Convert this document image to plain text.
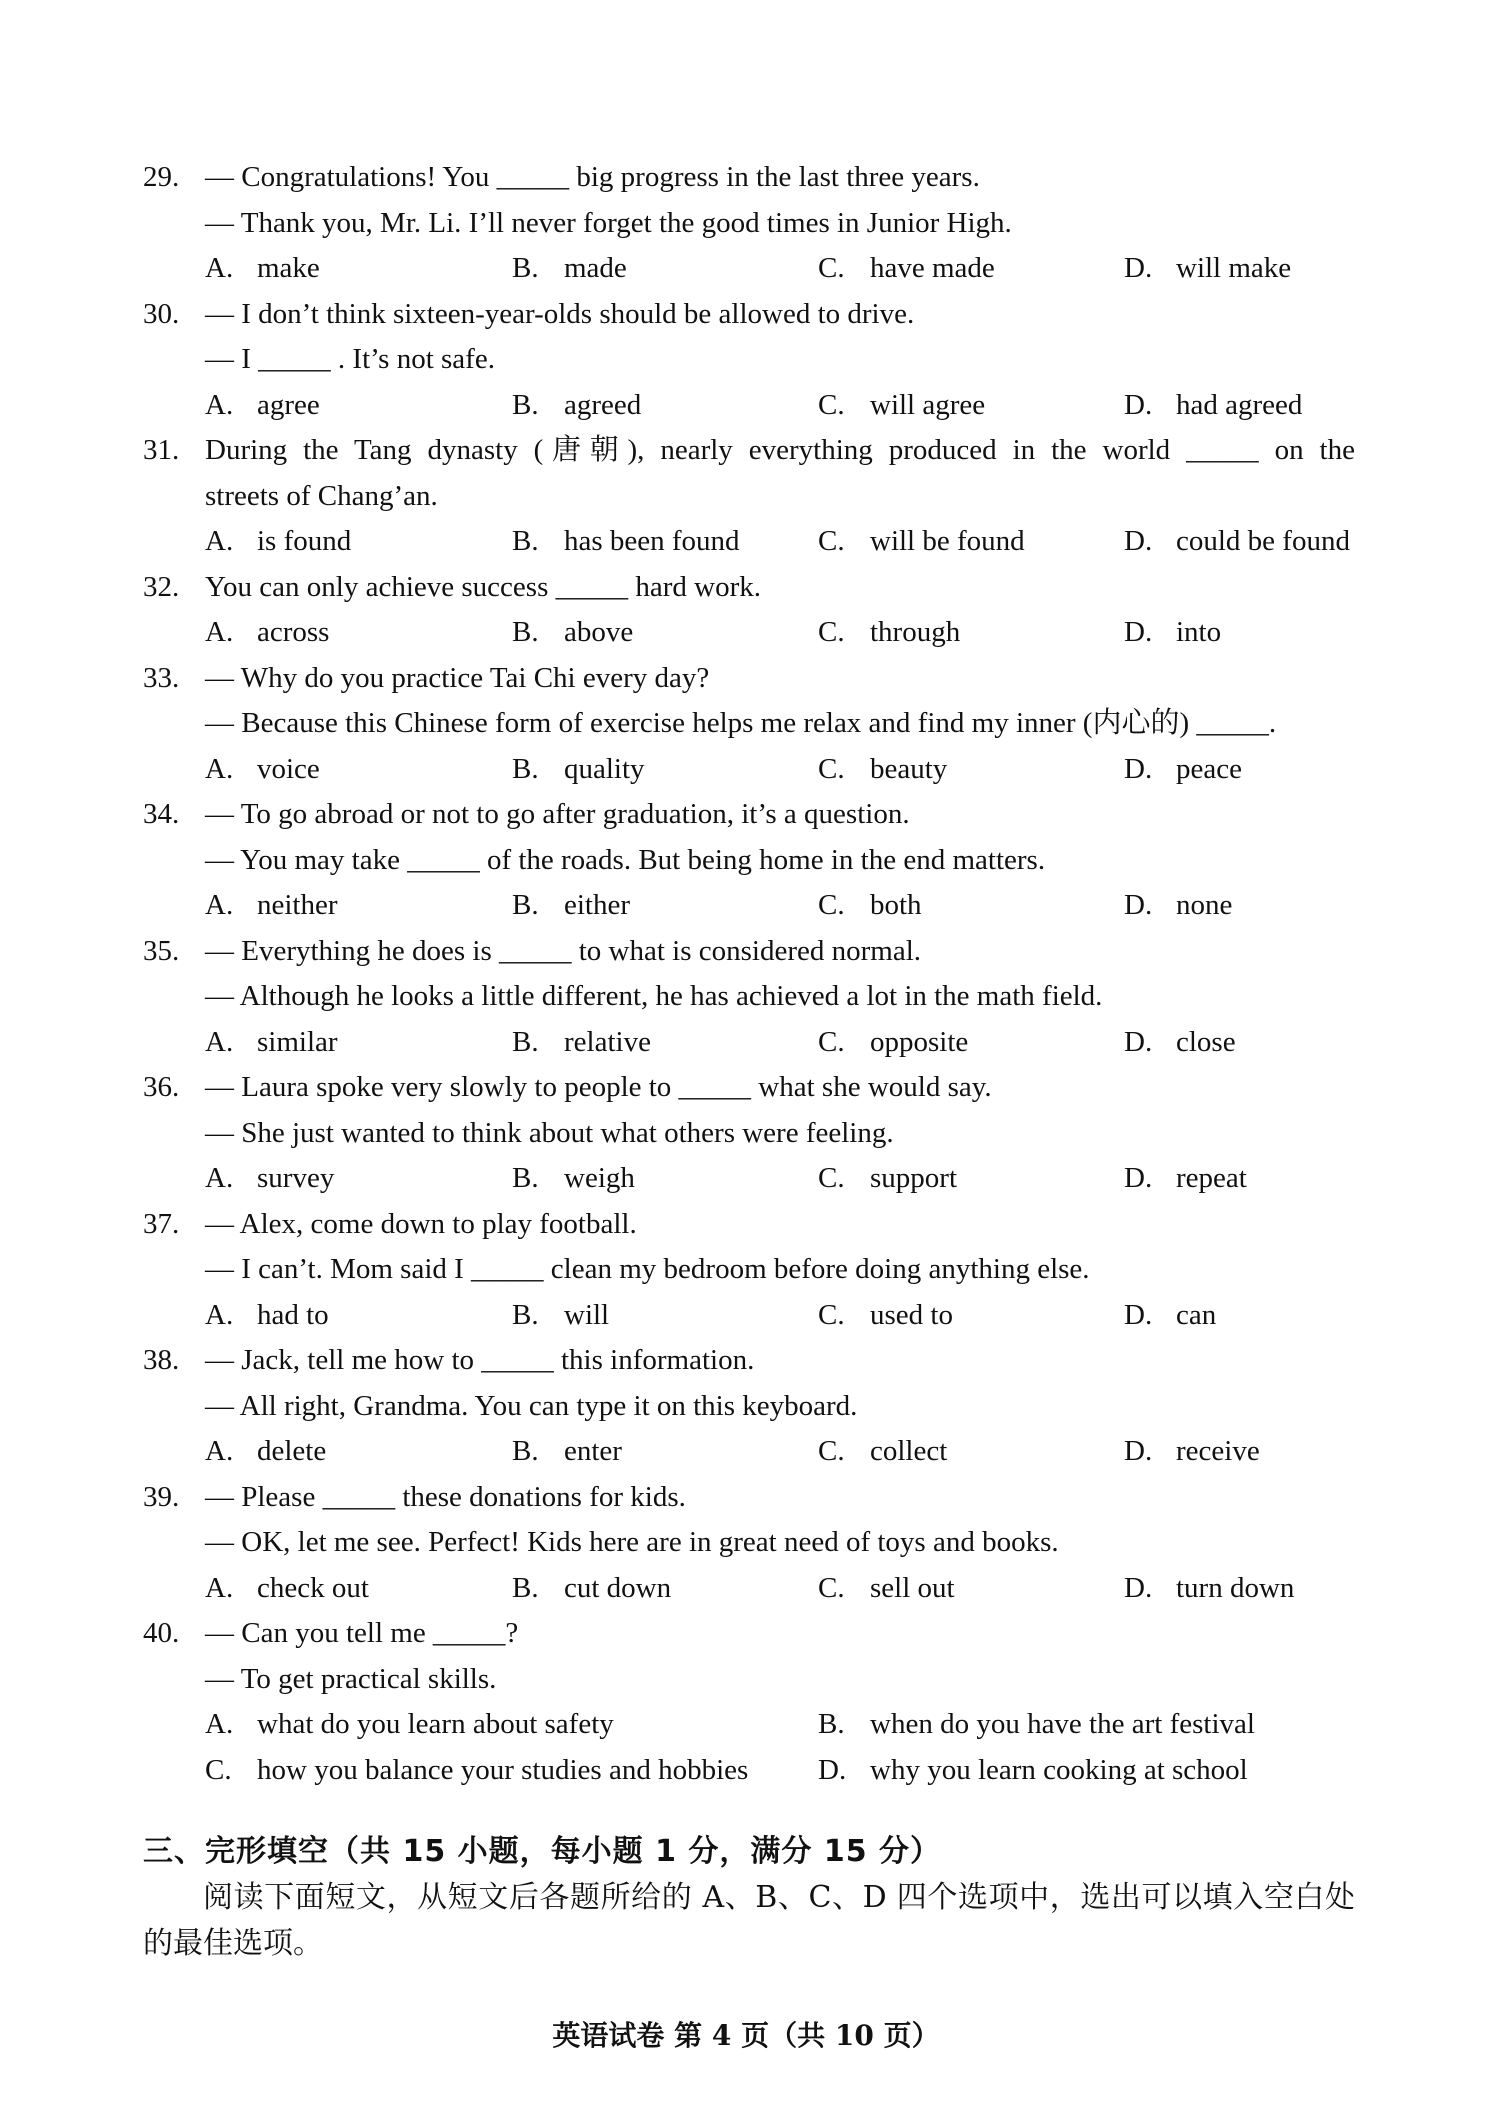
29. — Congratulations! You _____ big progress in the last three years.
— Thank you, Mr. Li. I’ll never forget the good times in Junior High.
A. make	B. made	C. have made	D. will make
30. — I don’t think sixteen-year-olds should be allowed to drive.
— I _____ . It’s not safe.
A. agree	B. agreed	C. will agree	D. had agreed
31. During the Tang dynasty (唐朝), nearly everything produced in the world _____ on the
streets of Chang’an.
A. is found	B. has been found	C. will be found	D. could be found
32. You can only achieve success _____ hard work.
A. across	B. above	C. through	D. into
33. — Why do you practice Tai Chi every day?
— Because this Chinese form of exercise helps me relax and find my inner (内心的) _____.
A. voice	B. quality	C. beauty	D. peace
34. — To go abroad or not to go after graduation, it’s a question.
— You may take _____ of the roads. But being home in the end matters.
A. neither	B. either	C. both	D. none
35. — Everything he does is _____ to what is considered normal.
— Although he looks a little different, he has achieved a lot in the math field.
A. similar	B. relative	C. opposite	D. close
36. — Laura spoke very slowly to people to _____ what she would say.
— She just wanted to think about what others were feeling.
A. survey	B. weigh	C. support	D. repeat
37. — Alex, come down to play football.
— I can’t. Mom said I _____ clean my bedroom before doing anything else.
A. had to	B. will	C. used to	D. can
38. — Jack, tell me how to _____ this information.
— All right, Grandma. You can type it on this keyboard.
A. delete	B. enter	C. collect	D. receive
39. — Please _____ these donations for kids.
— OK, let me see. Perfect! Kids here are in great need of toys and books.
A. check out	B. cut down	C. sell out	D. turn down
40. — Can you tell me _____?
— To get practical skills.
A. what do you learn about safety	B. when do you have the art festival
C. how you balance your studies and hobbies D. why you learn cooking at school
三、完形填空（共 15 小题，每小题 1 分，满分 15 分）
阅读下面短文，从短文后各题所给的 A、B、C、D 四个选项中，选出可以填入空白处的最佳选项。
英语试卷 第 4 页（共 10 页）
